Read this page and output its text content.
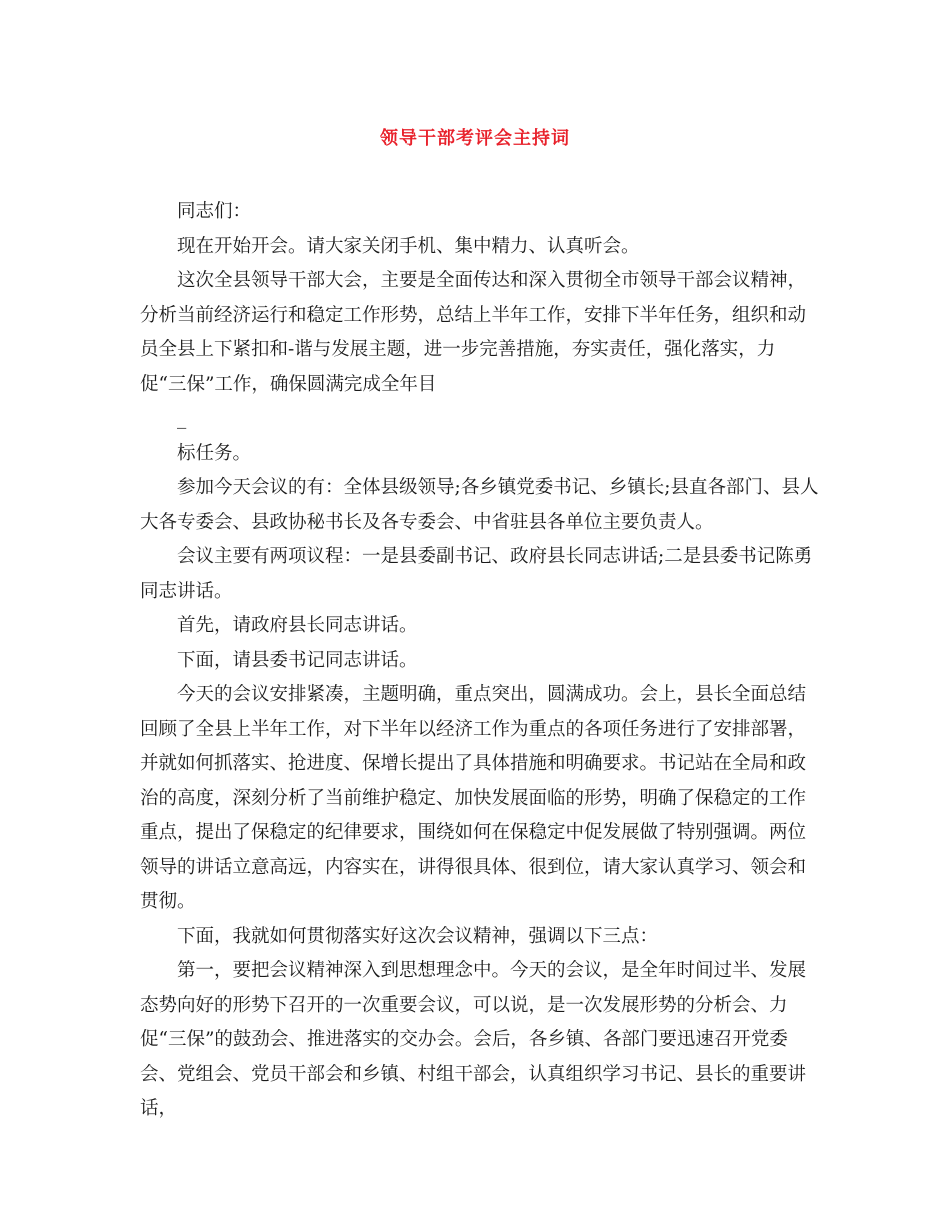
领导干部考评会主持词

同志们：

现在开始开会。请大家关闭手机、集中精力、认真听会。

这次全县领导干部大会，主要是全面传达和深入贯彻全市领导干部会议精神，分析当前经济运行和稳定工作形势，总结上半年工作，安排下半年任务，组织和动员全县上下紧扣和-谐与发展主题，进一步完善措施，夯实责任，强化落实，力促“三保”工作，确保圆满完成全年目

_

标任务。

参加今天会议的有：全体县级领导;各乡镇党委书记、乡镇长;县直各部门、县人大各专委会、县政协秘书长及各专委会、中省驻县各单位主要负责人。

会议主要有两项议程：一是县委副书记、政府县长同志讲话;二是县委书记陈勇同志讲话。

首先，请政府县长同志讲话。

下面，请县委书记同志讲话。

今天的会议安排紧凑，主题明确，重点突出，圆满成功。会上，县长全面总结回顾了全县上半年工作，对下半年以经济工作为重点的各项任务进行了安排部署，并就如何抓落实、抢进度、保增长提出了具体措施和明确要求。书记站在全局和政治的高度，深刻分析了当前维护稳定、加快发展面临的形势，明确了保稳定的工作重点，提出了保稳定的纪律要求，围绕如何在保稳定中促发展做了特别强调。两位领导的讲话立意高远，内容实在，讲得很具体、很到位，请大家认真学习、领会和贯彻。

下面，我就如何贯彻落实好这次会议精神，强调以下三点：

第一，要把会议精神深入到思想理念中。今天的会议，是全年时间过半、发展态势向好的形势下召开的一次重要会议，可以说，是一次发展形势的分析会、力促“三保”的鼓劲会、推进落实的交办会。会后，各乡镇、各部门要迅速召开党委会、党组会、党员干部会和乡镇、村组干部会，认真组织学习书记、县长的重要讲话，
